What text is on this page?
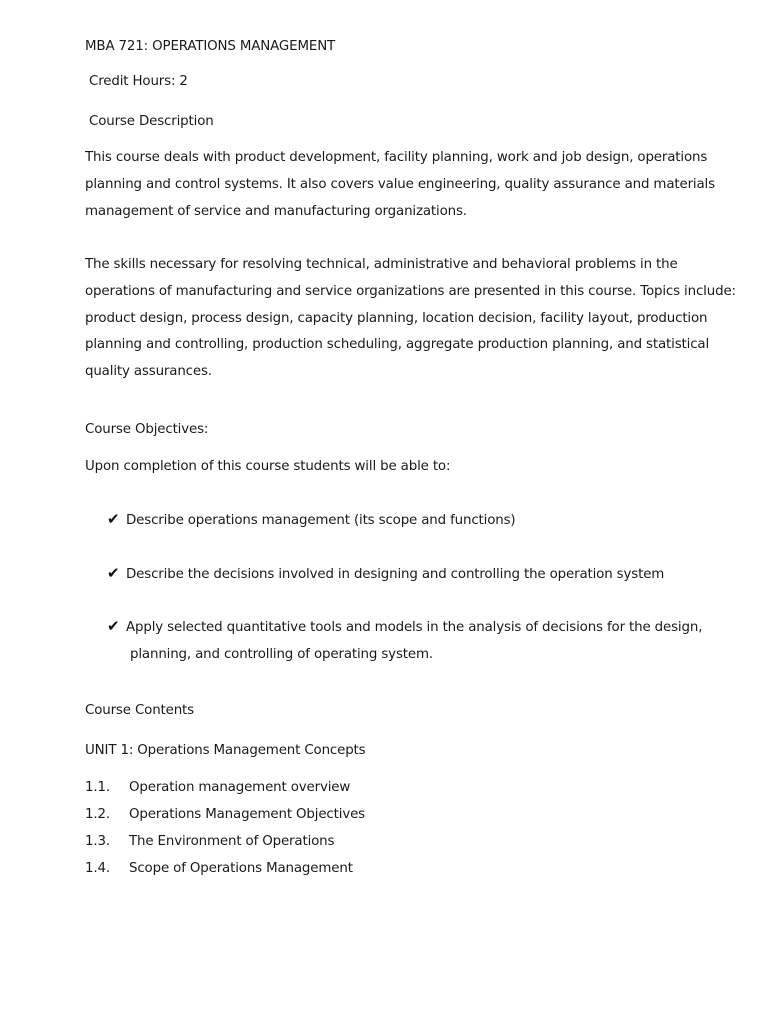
MBA 721: OPERATIONS MANAGEMENT
Credit Hours: 2
Course Description
This course deals with product development, facility planning, work and job design, operations
planning and control systems. It also covers value engineering, quality assurance and materials
management of service and manufacturing organizations.
The skills necessary for resolving technical, administrative and behavioral problems in the
operations of manufacturing and service organizations are presented in this course. Topics include:
product design, process design, capacity planning, location decision, facility layout, production
planning and controlling, production scheduling, aggregate production planning, and statistical
quality assurances.
Course Objectives:
Upon completion of this course students will be able to:
✔ Describe operations management (its scope and functions)
✔ Describe the decisions involved in designing and controlling the operation system
✔ Apply selected quantitative tools and models in the analysis of decisions for the design,
planning, and controlling of operating system.
Course Contents
UNIT 1: Operations Management Concepts
1.1. Operation management overview
1.2. Operations Management Objectives
1.3. The Environment of Operations
1.4. Scope of Operations Management
